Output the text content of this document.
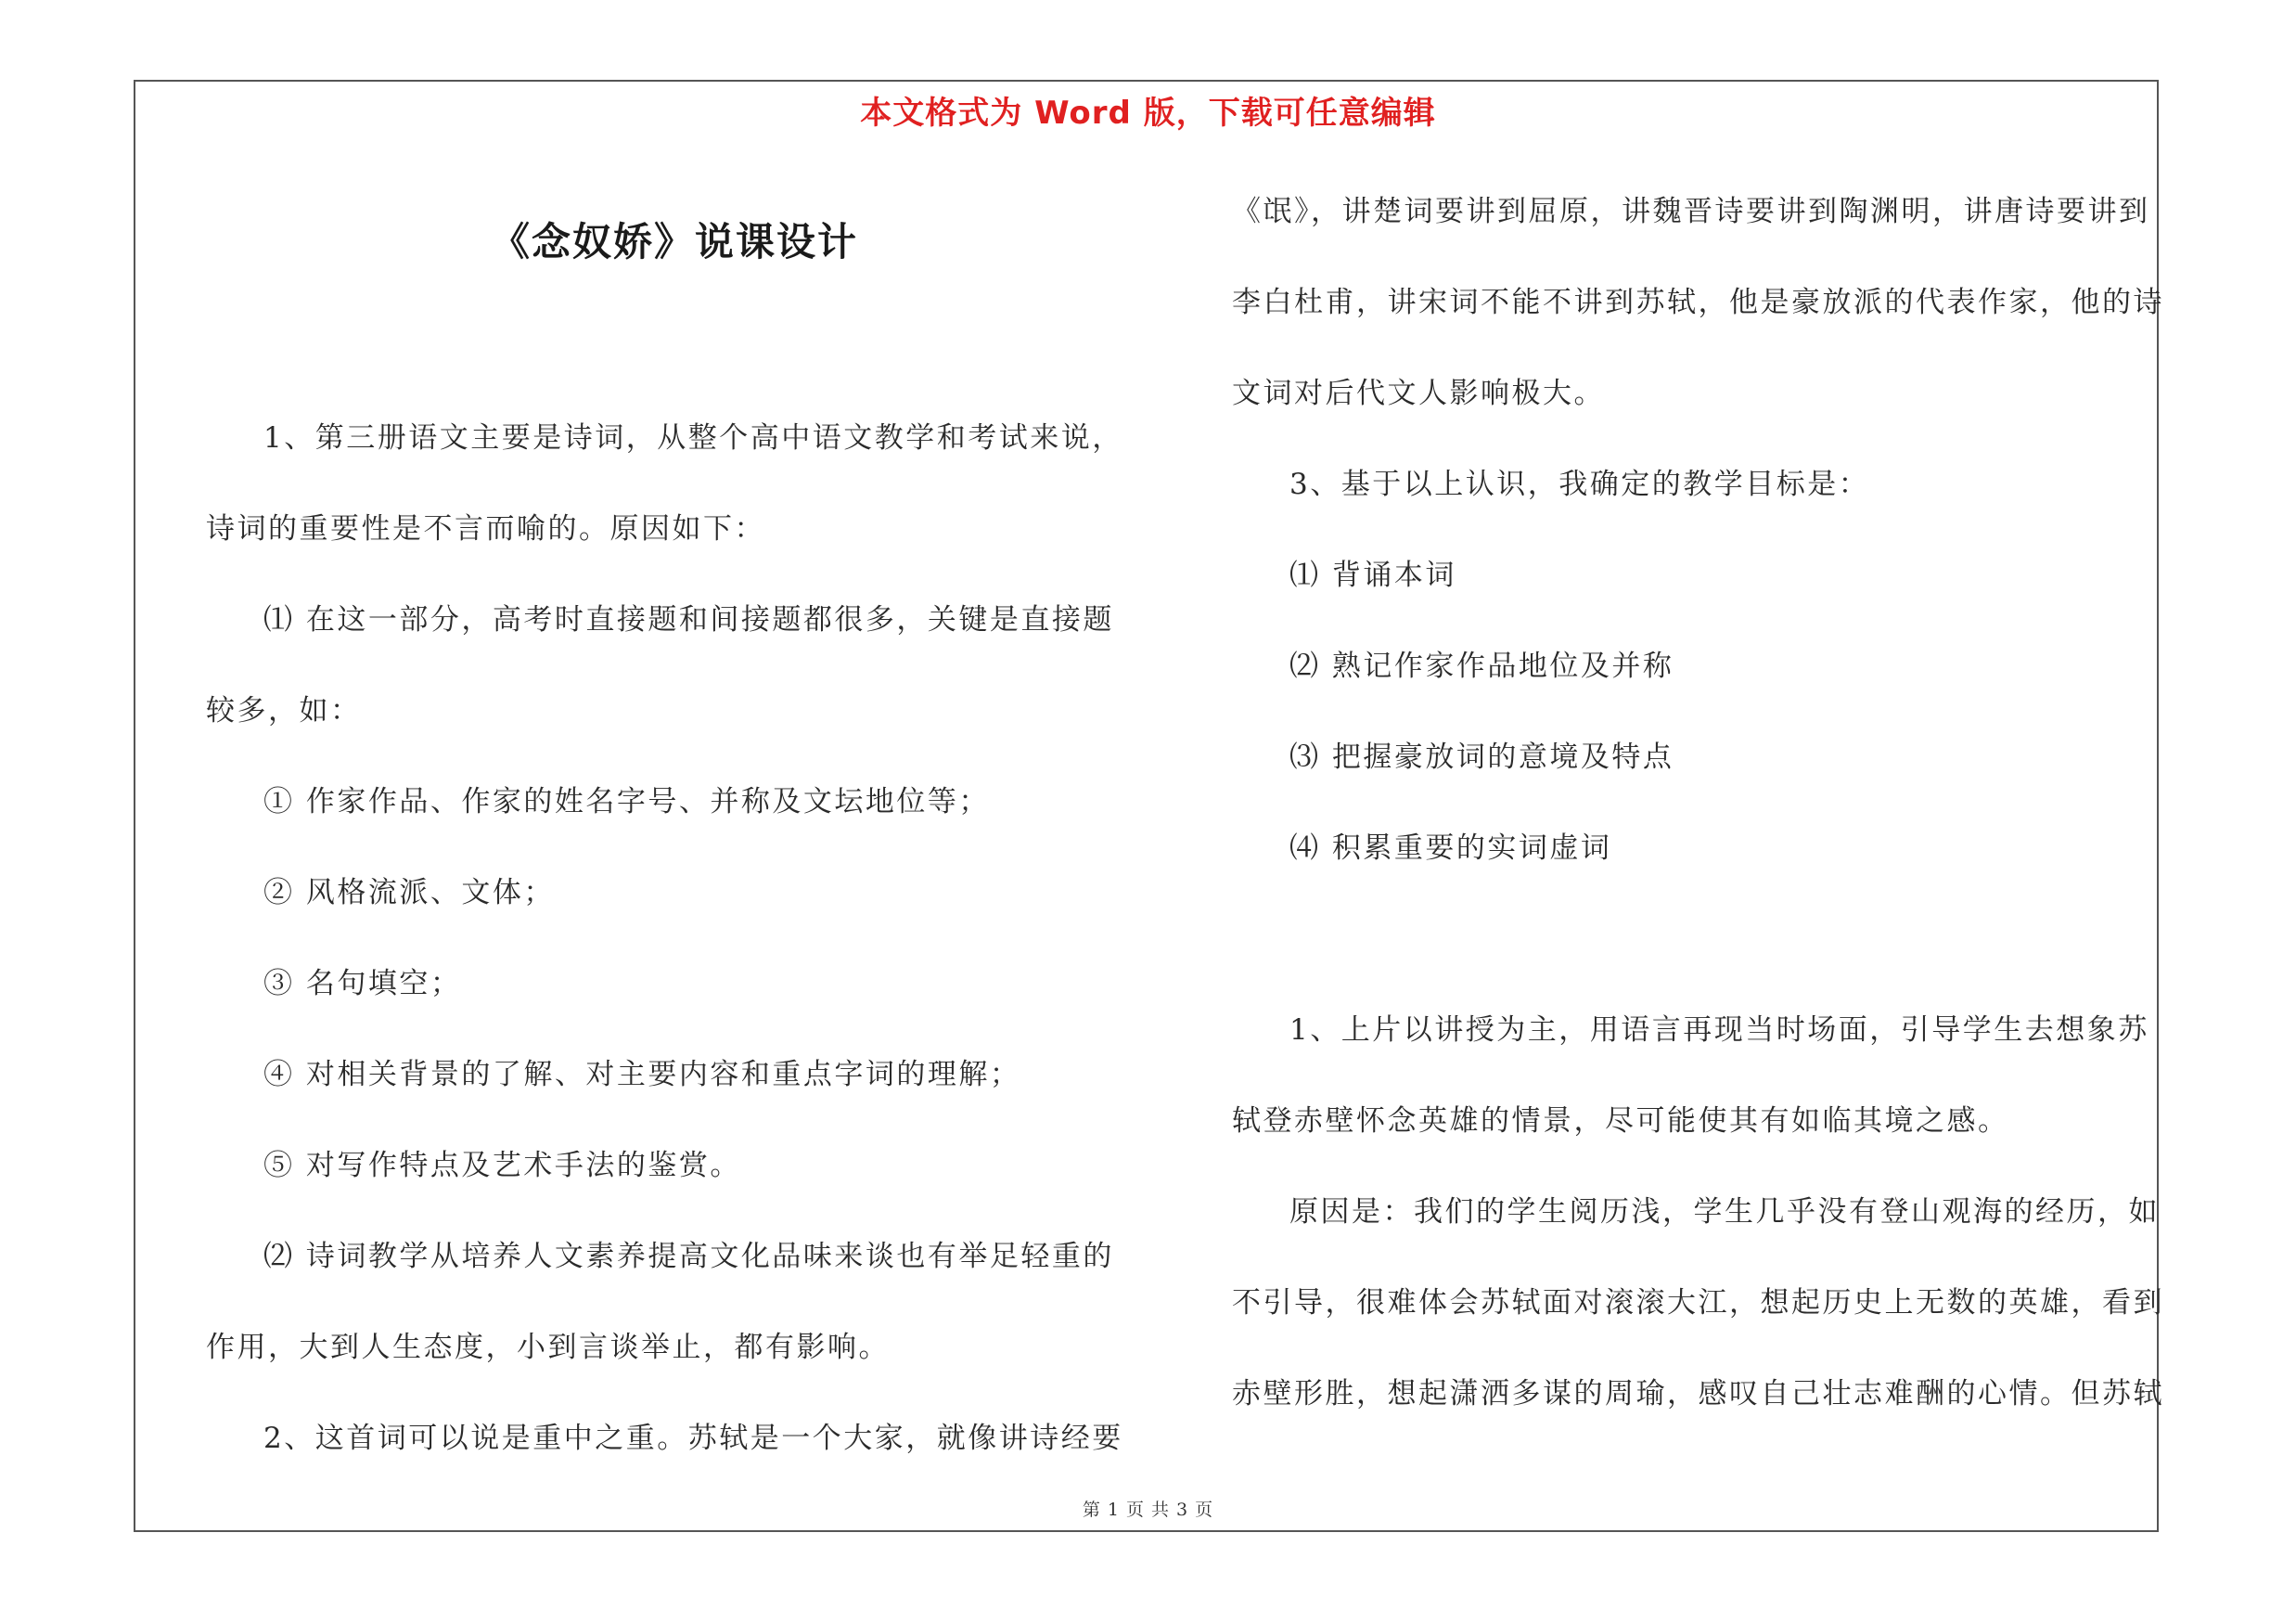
本文格式为 Word 版，下载可任意编辑
《念奴娇》说课设计
1、第三册语文主要是诗词，从整个高中语文教学和考试来说，
诗词的重要性是不言而喻的。原因如下：
⑴ 在这一部分，高考时直接题和间接题都很多，关键是直接题
较多，如：
① 作家作品、作家的姓名字号、并称及文坛地位等；
② 风格流派、文体；
③ 名句填空；
④ 对相关背景的了解、对主要内容和重点字词的理解；
⑤ 对写作特点及艺术手法的鉴赏。
⑵ 诗词教学从培养人文素养提高文化品味来谈也有举足轻重的
作用，大到人生态度，小到言谈举止，都有影响。
2、这首词可以说是重中之重。苏轼是一个大家，就像讲诗经要
《氓》，讲楚词要讲到屈原，讲魏晋诗要讲到陶渊明，讲唐诗要讲到
李白杜甫，讲宋词不能不讲到苏轼，他是豪放派的代表作家，他的诗
文词对后代文人影响极大。
3、基于以上认识，我确定的教学目标是：
⑴ 背诵本词
⑵ 熟记作家作品地位及并称
⑶ 把握豪放词的意境及特点
⑷ 积累重要的实词虚词
1、上片以讲授为主，用语言再现当时场面，引导学生去想象苏
轼登赤壁怀念英雄的情景，尽可能使其有如临其境之感。
原因是：我们的学生阅历浅，学生几乎没有登山观海的经历，如
不引导，很难体会苏轼面对滚滚大江，想起历史上无数的英雄，看到
赤壁形胜，想起潇洒多谋的周瑜，感叹自己壮志难酬的心情。但苏轼
第 1 页 共 3 页
